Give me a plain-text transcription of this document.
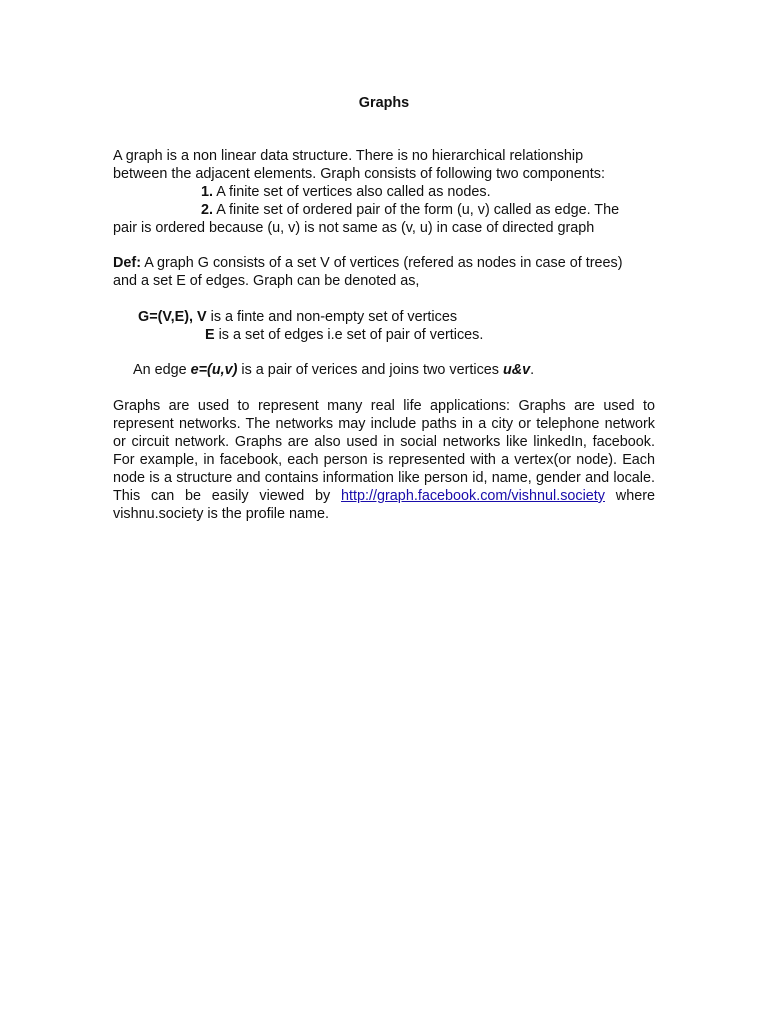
Graphs
A graph is a non linear data structure. There is no hierarchical relationship
between the adjacent elements. Graph consists of following two components:
1. A finite set of vertices also called as nodes.
2. A finite set of ordered pair of the form (u, v) called as edge. The
pair is ordered because (u, v) is not same as (v, u) in case of directed graph
Def: A graph G consists of a set V of vertices (refered as nodes in case of trees)
and a set E of edges. Graph can be denoted as,
G=(V,E), V is a finte and non-empty set of vertices
E is a set of edges i.e set of pair of vertices.
An edge e=(u,v) is a pair of verices and joins two vertices u&v.
Graphs are used to represent many real life applications: Graphs are used to represent networks. The networks may include paths in a city or telephone network or circuit network. Graphs are also used in social networks like linkedIn, facebook. For example, in facebook, each person is represented with a vertex(or node). Each node is a structure and contains information like person id, name, gender and locale. This can be easily viewed by http://graph.facebook.com/vishnul.society where vishnu.society is the profile name.
